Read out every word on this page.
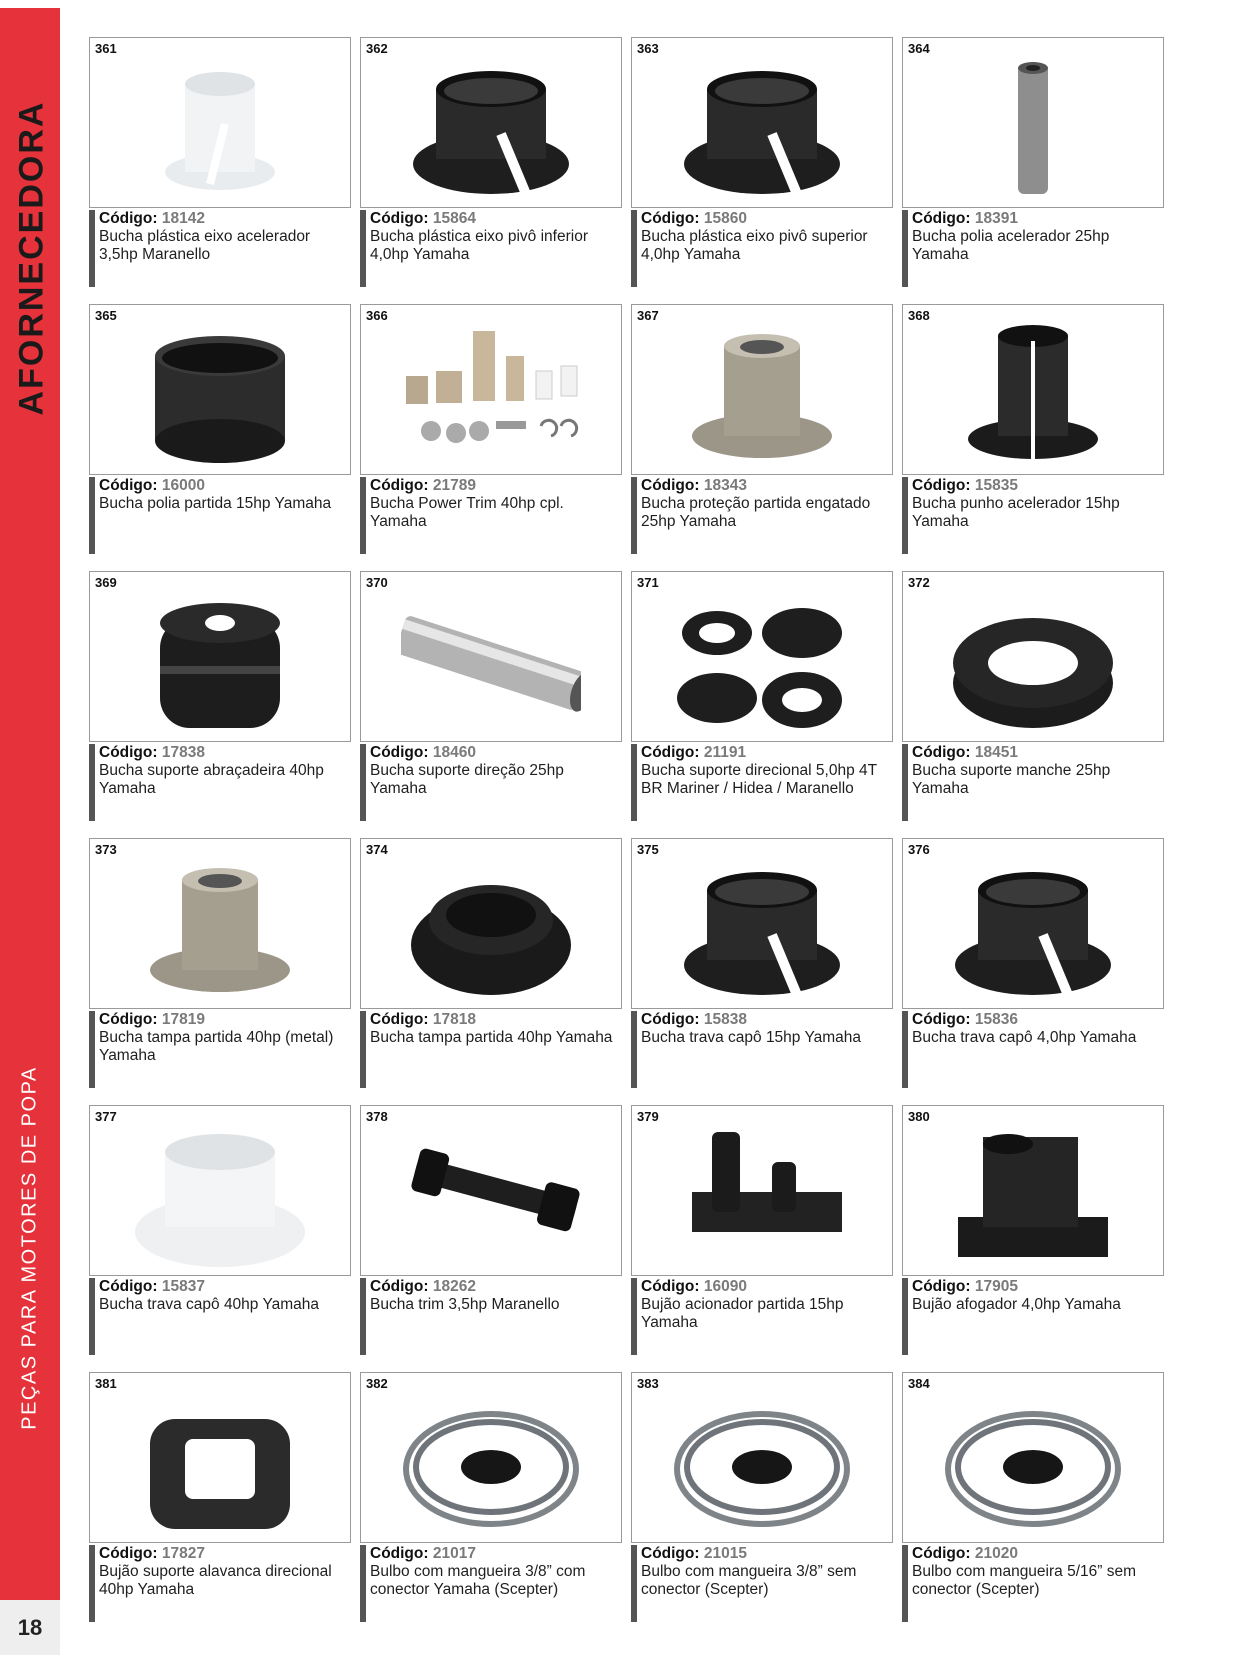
AFORNECEDORA
PEÇAS PARA MOTORES DE POPA
18
361
Código: 18142
Bucha plástica eixo acelerador 3,5hp Maranello
362
Código: 15864
Bucha plástica eixo pivô inferior 4,0hp Yamaha
363
Código: 15860
Bucha plástica eixo pivô superior 4,0hp Yamaha
364
Código: 18391
Bucha polia acelerador 25hp Yamaha
365
Código: 16000
Bucha polia partida 15hp Yamaha
366
Código: 21789
Bucha Power Trim 40hp cpl. Yamaha
367
Código: 18343
Bucha proteção partida engatado 25hp Yamaha
368
Código: 15835
Bucha punho acelerador 15hp Yamaha
369
Código: 17838
Bucha suporte abraçadeira 40hp Yamaha
370
Código: 18460
Bucha suporte direção 25hp Yamaha
371
Código: 21191
Bucha suporte direcional 5,0hp 4T BR Mariner / Hidea / Maranello
372
Código: 18451
Bucha suporte manche 25hp Yamaha
373
Código: 17819
Bucha tampa partida 40hp (metal) Yamaha
374
Código: 17818
Bucha tampa partida 40hp Yamaha
375
Código: 15838
Bucha trava capô 15hp Yamaha
376
Código: 15836
Bucha trava capô 4,0hp Yamaha
377
Código: 15837
Bucha trava capô 40hp Yamaha
378
Código: 18262
Bucha trim 3,5hp Maranello
379
Código: 16090
Bujão acionador partida 15hp Yamaha
380
Código: 17905
Bujão afogador 4,0hp Yamaha
381
Código: 17827
Bujão suporte alavanca direcional 40hp Yamaha
382
Código: 21017
Bulbo com mangueira 3/8” com conector Yamaha (Scepter)
383
Código: 21015
Bulbo com mangueira 3/8” sem conector (Scepter)
384
Código: 21020
Bulbo com mangueira 5/16” sem conector (Scepter)
